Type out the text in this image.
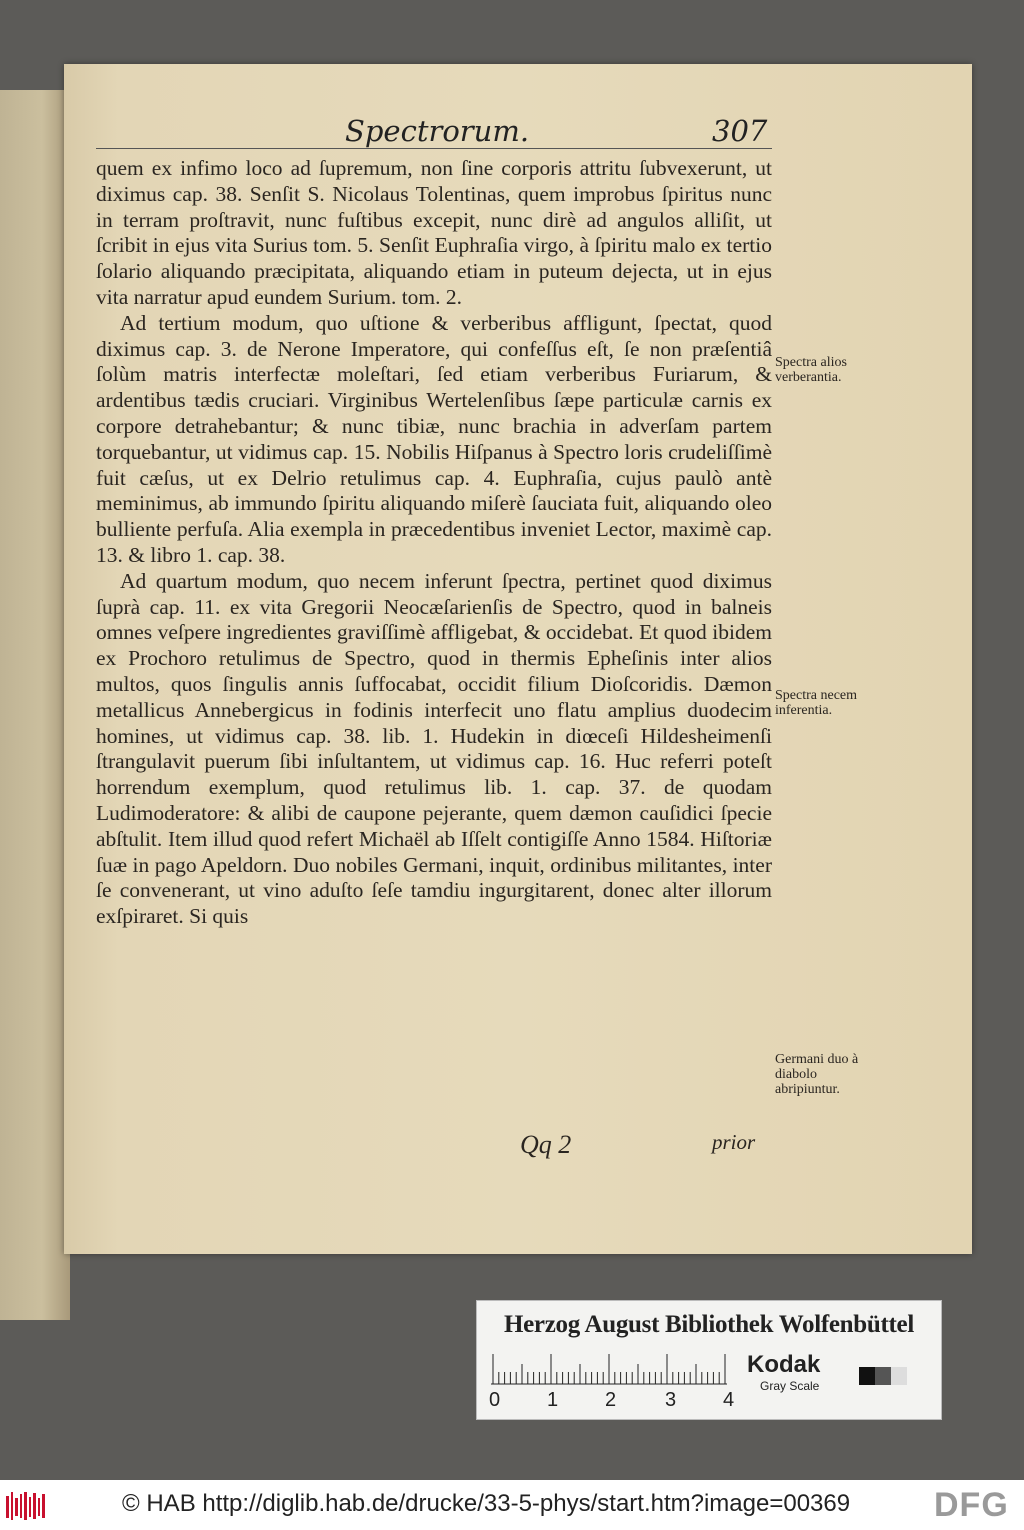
Spectrorum.	307

quem ex infimo loco ad ſupremum, non ſine corporis attritu ſubvexerunt, ut diximus cap. 38. Senſit S. Nicolaus Tolentinas, quem improbus ſpiritus nunc in terram proſtravit, nunc fuſtibus excepit, nunc dirè ad angulos alliſit, ut ſcribit in ejus vita Surius tom. 5. Senſit Euphraſia virgo, à ſpiritu malo ex tertio ſolario aliquando præcipitata, aliquando etiam in puteum dejecta, ut in ejus vita narratur apud eundem Surium. tom. 2.

Ad tertium modum, quo uſtione & verberibus affligunt, ſpectat, quod diximus cap. 3. de Nerone Imperatore, qui confeſſus eſt, ſe non præſentiâ ſolùm matris interfectæ moleſtari, ſed etiam verberibus Furiarum, & ardentibus tædis cruciari. Virginibus Wertelenſibus ſæpe particulæ carnis ex corpore detrahebantur; & nunc tibiæ, nunc brachia in adverſam partem torquebantur, ut vidimus cap. 15. Nobilis Hiſpanus à Spectro loris crudeliſſimè fuit cæſus, ut ex Delrio retulimus cap. 4. Euphraſia, cujus paulò antè meminimus, ab immundo ſpiritu aliquando miſerè ſauciata fuit, aliquando oleo bulliente perfuſa. Alia exempla in præcedentibus inveniet Lector, maximè cap. 13. & libro 1. cap. 38.

Ad quartum modum, quo necem inferunt ſpectra, pertinet quod diximus ſuprà cap. 11. ex vita Gregorii Neocæſarienſis de Spectro, quod in balneis omnes veſpere ingredientes graviſſimè affligebat, & occidebat. Et quod ibidem ex Prochoro retulimus de Spectro, quod in thermis Epheſinis inter alios multos, quos ſingulis annis ſuffocabat, occidit filium Dioſcoridis. Dæmon metallicus Annebergicus in fodinis interfecit uno flatu amplius duodecim homines, ut vidimus cap. 38. lib. 1. Hudekin in diœceſi Hildesheimenſi ſtrangulavit puerum ſibi inſultantem, ut vidimus cap. 16. Huc referri poteſt horrendum exemplum, quod retulimus lib. 1. cap. 37. de quodam Ludimoderatore: & alibi de caupone pejerante, quem dæmon cauſidici ſpecie abſtulit. Item illud quod refert Michaël ab Iſſelt contigiſſe Anno 1584. Hiſtoriæ ſuæ in pago Apeldorn. Duo nobiles Germani, inquit, ordinibus militantes, inter ſe convenerant, ut vino aduſto ſeſe tamdiu ingurgitarent, donec alter illorum exſpiraret. Si quis

Spectra alios verberantia.
Spectra necem inferentia.
Germani duo à diabolo abripiuntur.
Qq 2	prior
Herzog August Bibliothek Wolfenbüttel
0 1 2 3 4
Kodak
Gray Scale
© HAB http://diglib.hab.de/drucke/33-5-phys/start.htm?image=00369 DFG
